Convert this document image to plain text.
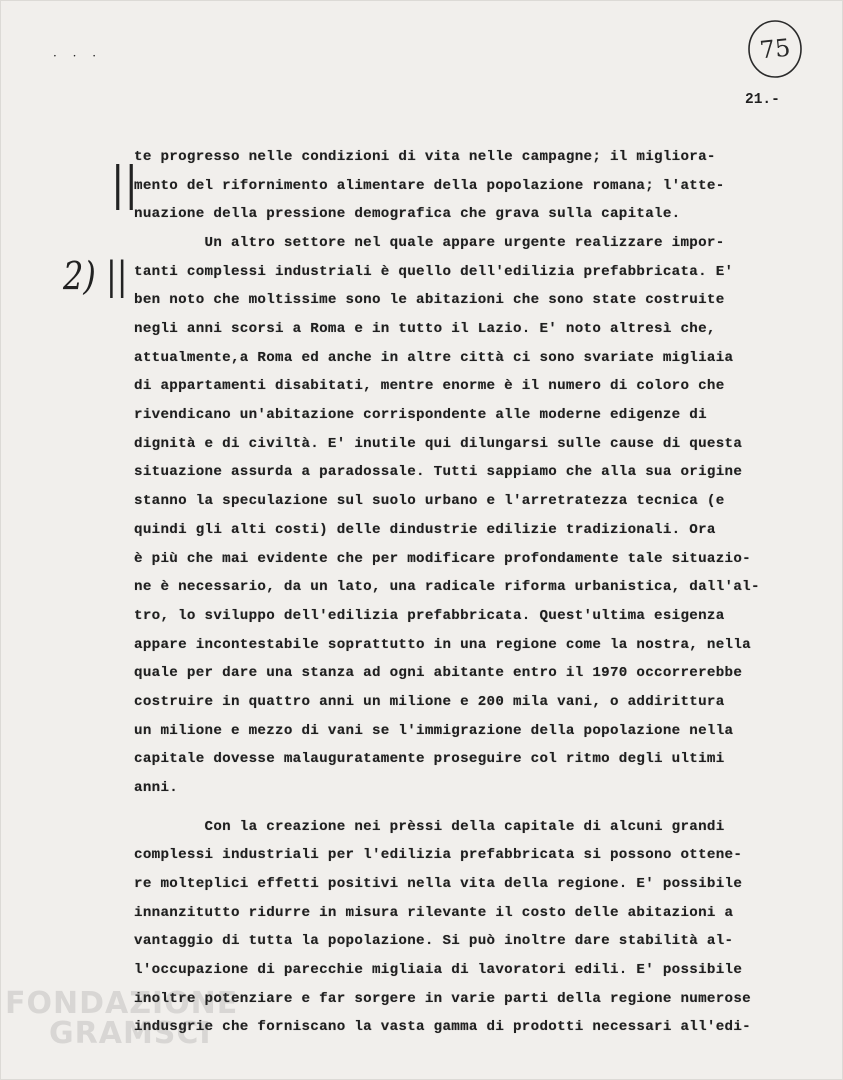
· · ·	75
21.-
||
2) ||
te progresso nelle condizioni di vita nelle campagne; il migliora-
mento del rifornimento alimentare della popolazione romana; l'atte-
nuazione della pressione demografica che grava sulla capitale.
Un altro settore nel quale appare urgente realizzare impor-
tanti complessi industriali è quello dell'edilizia prefabbricata. E'
ben noto che moltissime sono le abitazioni che sono state costruite
negli anni scorsi a Roma e in tutto il Lazio. E' noto altresì che,
attualmente,a Roma ed anche in altre città ci sono svariate migliaia
di appartamenti disabitati, mentre enorme è il numero di coloro che
rivendicano un'abitazione corrispondente alle moderne edigenze di
dignità e di civiltà. E' inutile qui dilungarsi sulle cause di questa
situazione assurda a paradossale. Tutti sappiamo che alla sua origine
stanno la speculazione sul suolo urbano e l'arretratezza tecnica (e
quindi gli alti costi) delle dindustrie edilizie tradizionali. Ora
è più che mai evidente che per modificare profondamente tale situazio-
ne è necessario, da un lato, una radicale riforma urbanistica, dall'al-
tro, lo sviluppo dell'edilizia prefabbricata. Quest'ultima esigenza
appare incontestabile soprattutto in una regione come la nostra, nella
quale per dare una stanza ad ogni abitante entro il 1970 occorrerebbe
costruire in quattro anni un milione e 200 mila vani, o addirittura
un milione e mezzo di vani se l'immigrazione della popolazione nella
capitale dovesse malauguratamente proseguire col ritmo degli ultimi
anni.
Con la creazione nei prèssi della capitale di alcuni grandi
complessi industriali per l'edilizia prefabbricata si possono ottene-
re molteplici effetti positivi nella vita della regione. E' possibile
innanzitutto ridurre in misura rilevante il costo delle abitazioni a
vantaggio di tutta la popolazione. Si può inoltre dare stabilità al-
l'occupazione di parecchie migliaia di lavoratori edili. E' possibile
inoltre potenziare e far sorgere in varie parti della regione numerose
indusgrie che forniscano la vasta gamma di prodotti necessari all'edi-
FONDAZIONE
GRAMSCI
